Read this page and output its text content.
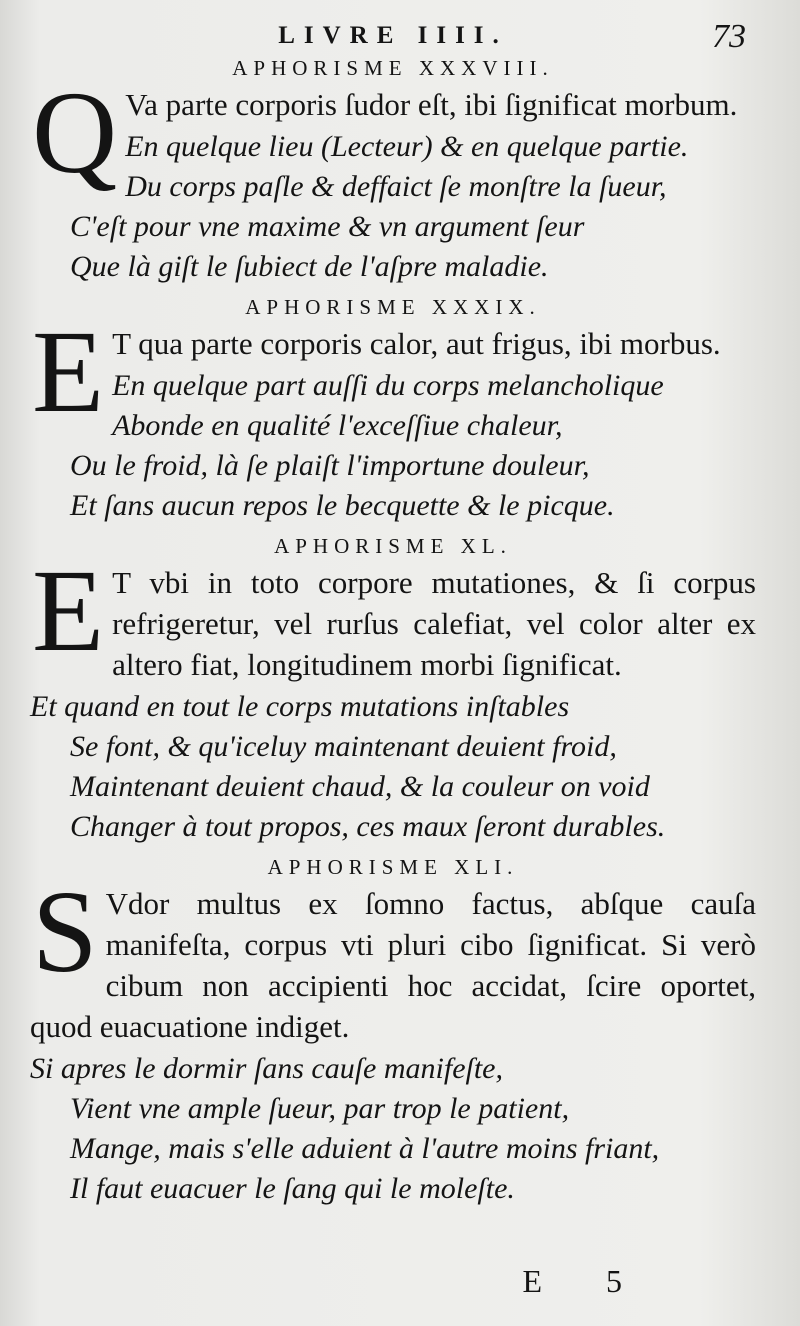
LIVRE IIII.	73
APHORISME XXXVIII.

Q Va parte corporis ſudor eſt, ibi ſignificat morbum.

En quelque lieu (Lecteur) & en quelque partie.

Du corps paſle & deffaict ſe monſtre la ſueur,

C'eſt pour vne maxime & vn argument ſeur

Que là giſt le ſubiect de l'aſpre maladie.

APHORISME XXXIX.

E T qua parte corporis calor, aut frigus, ibi morbus.

En quelque part auſſi du corps melancholique

Abonde en qualité l'exceſſiue chaleur,

Ou le froid, là ſe plaiſt l'importune douleur,

Et ſans aucun repos le becquette & le picque.

APHORISME XL.

E T vbi in toto corpore mutationes, & ſi corpus refrigeretur, vel rurſus calefiat, vel color alter ex altero fiat, longitudinem morbi ſignificat.

Et quand en tout le corps mutations inſtables

Se font, & qu'iceluy maintenant deuient froid,

Maintenant deuient chaud, & la couleur on void

Changer à tout propos, ces maux ſeront durables.

APHORISME XLI.

S Vdor multus ex ſomno factus, abſque cauſa manifeſta, corpus vti pluri cibo ſignificat. Si verò cibum non accipienti hoc accidat, ſcire oportet, quod euacuatione indiget.

Si apres le dormir ſans cauſe manifeſte,

Vient vne ample ſueur, par trop le patient,

Mange, mais s'elle aduient à l'autre moins friant,

Il faut euacuer le ſang qui le moleſte.

E 5
